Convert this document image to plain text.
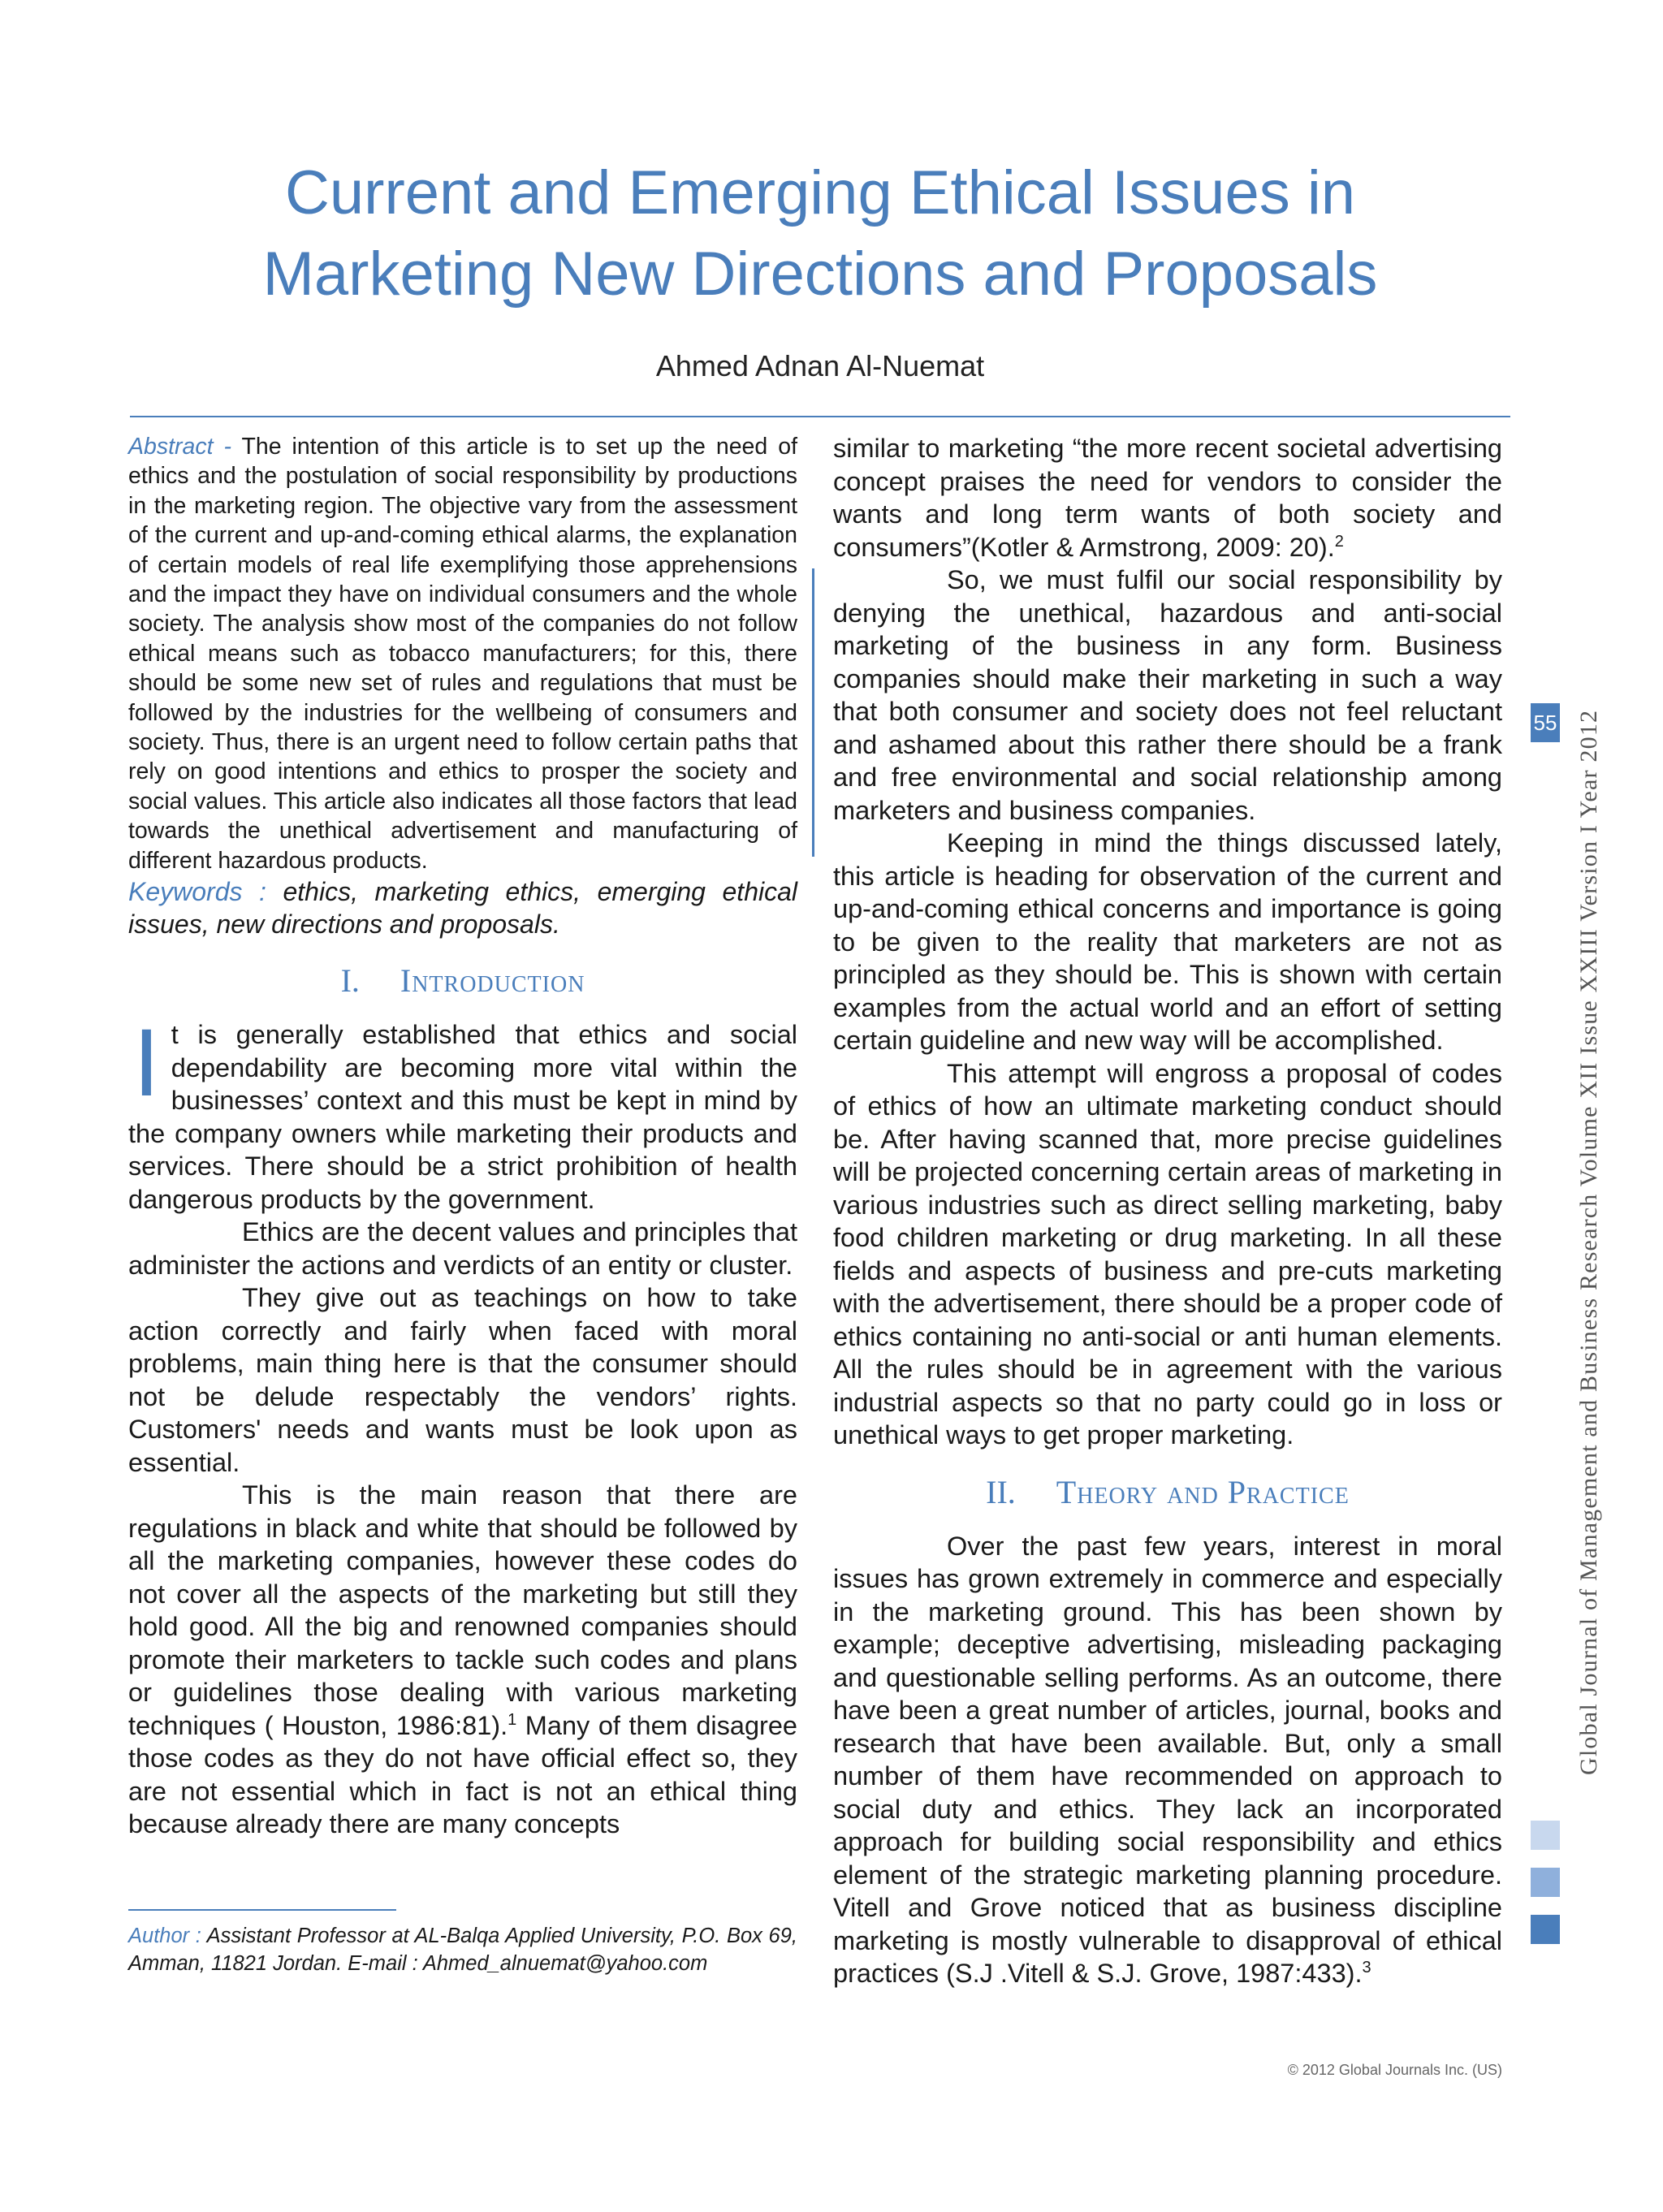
Current and Emerging Ethical Issues in
Marketing New Directions and Proposals
Ahmed Adnan Al-Nuemat

Abstract - The intention of this article is to set up the need of ethics and the postulation of social responsibility by productions in the marketing region. The objective vary from the assessment of the current and up-and-coming ethical alarms, the explanation of certain models of real life exemplifying those apprehensions and the impact they have on individual consumers and the whole society. The analysis show most of the companies do not follow ethical means such as tobacco manufacturers; for this, there should be some new set of rules and regulations that must be followed by the industries for the wellbeing of consumers and society. Thus, there is an urgent need to follow certain paths that rely on good intentions and ethics to prosper the society and social values. This article also indicates all those factors that lead towards the unethical advertisement and manufacturing of different hazardous products.

Keywords : ethics, marketing ethics, emerging ethical issues, new directions and proposals.

I. Introduction

It is generally established that ethics and social dependability are becoming more vital within the businesses’ context and this must be kept in mind by the company owners while marketing their products and services. There should be a strict prohibition of health dangerous products by the government.

Ethics are the decent values and principles that administer the actions and verdicts of an entity or cluster.

They give out as teachings on how to take action correctly and fairly when faced with moral problems, main thing here is that the consumer should not be delude respectably the vendors’ rights. Customers' needs and wants must be look upon as essential.

This is the main reason that there are regulations in black and white that should be followed by all the marketing companies, however these codes do not cover all the aspects of the marketing but still they hold good. All the big and renowned companies should promote their marketers to tackle such codes and plans or guidelines those dealing with various marketing techniques ( Houston, 1986:81).$^1$ Many of them disagree those codes as they do not have official effect so, they are not essential which in fact is not an ethical thing because already there are many concepts

similar to marketing “the more recent societal advertising concept praises the need for vendors to consider the wants and long term wants of both society and consumers”(Kotler & Armstrong, 2009: 20).$^2$

So, we must fulfil our social responsibility by denying the unethical, hazardous and anti-social marketing of the business in any form. Business companies should make their marketing in such a way that both consumer and society does not feel reluctant and ashamed about this rather there should be a frank and free environmental and social relationship among marketers and business companies.

Keeping in mind the things discussed lately, this article is heading for observation of the current and up-and-coming ethical concerns and importance is going to be given to the reality that marketers are not as principled as they should be. This is shown with certain examples from the actual world and an effort of setting certain guideline and new way will be accomplished.

This attempt will engross a proposal of codes of ethics of how an ultimate marketing conduct should be. After having scanned that, more precise guidelines will be projected concerning certain areas of marketing in various industries such as direct selling marketing, baby food children marketing or drug marketing. In all these fields and aspects of business and pre-cuts marketing with the advertisement, there should be a proper code of ethics containing no anti-social or anti human elements. All the rules should be in agreement with the various industrial aspects so that no party could go in loss or unethical ways to get proper marketing.

II. Theory and Practice

Over the past few years, interest in moral issues has grown extremely in commerce and especially in the marketing ground. This has been shown by example; deceptive advertising, misleading packaging and questionable selling performs. As an outcome, there have been a great number of articles, journal, books and research that have been available. But, only a small number of them have recommended on approach to social duty and ethics. They lack an incorporated approach for building social responsibility and ethics element of the strategic marketing planning procedure. Vitell and Grove noticed that as business discipline marketing is mostly vulnerable to disapproval of ethical practices (S.J .Vitell & S.J. Grove, 1987:433).$^3$

Author : Assistant Professor at AL-Balqa Applied University, P.O. Box 69, Amman, 11821 Jordan. E-mail : Ahmed_alnuemat@yahoo.com

Global Journal of Management and Business Research Volume XII Issue XXIII Version I Year 2012
55
© 2012 Global Journals Inc. (US)
